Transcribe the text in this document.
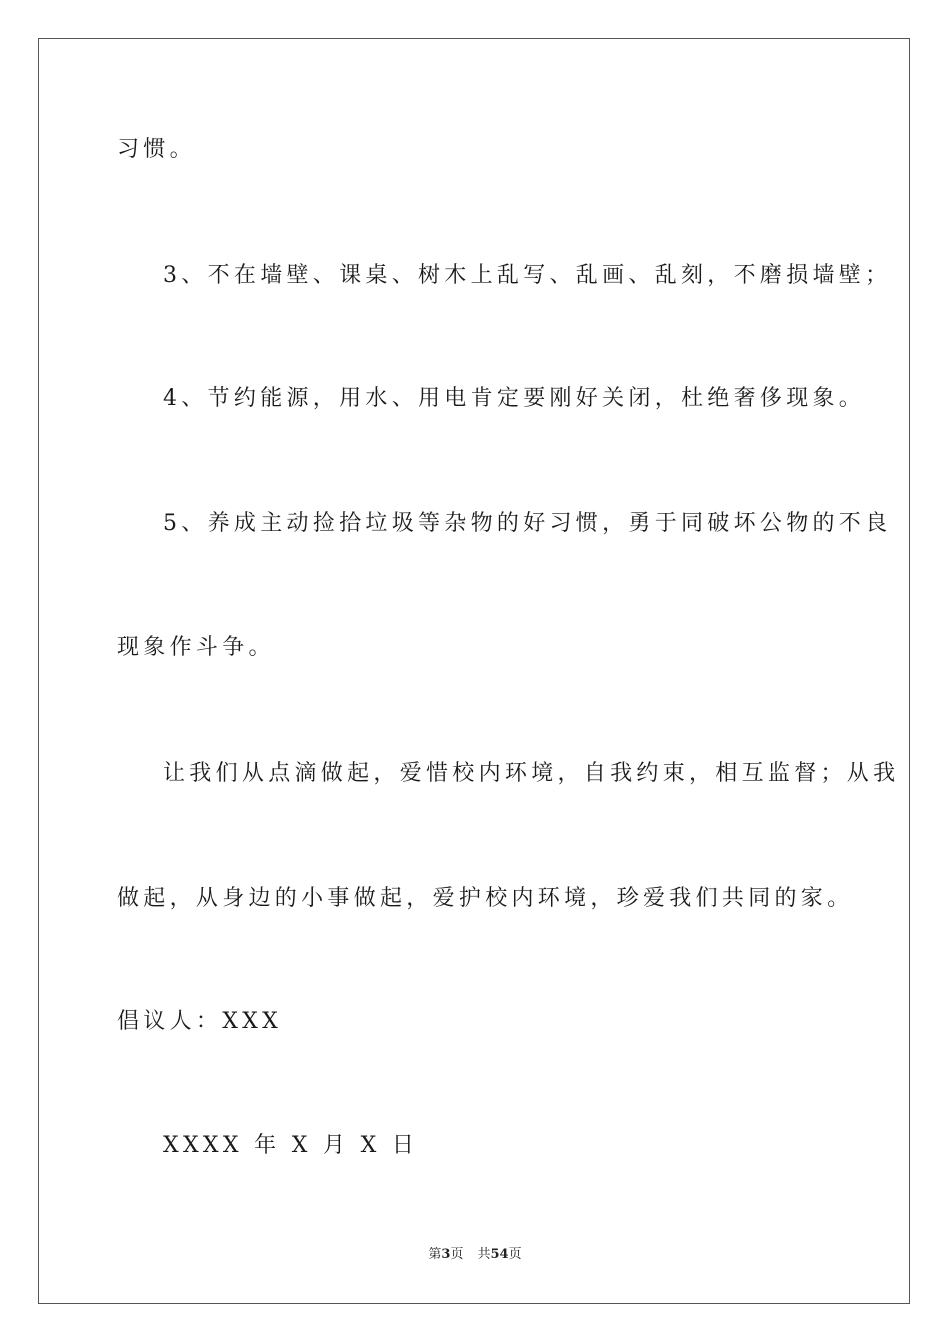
习惯。
3、不在墙壁、课桌、树木上乱写、乱画、乱刻，不磨损墙壁；
4、节约能源，用水、用电肯定要刚好关闭，杜绝奢侈现象。
5、养成主动捡拾垃圾等杂物的好习惯，勇于同破坏公物的不良
现象作斗争。
让我们从点滴做起，爱惜校内环境，自我约束，相互监督；从我
做起，从身边的小事做起，爱护校内环境，珍爱我们共同的家。
倡议人：XXX
XXXX 年 X 月 X 日
第3页 共54页
